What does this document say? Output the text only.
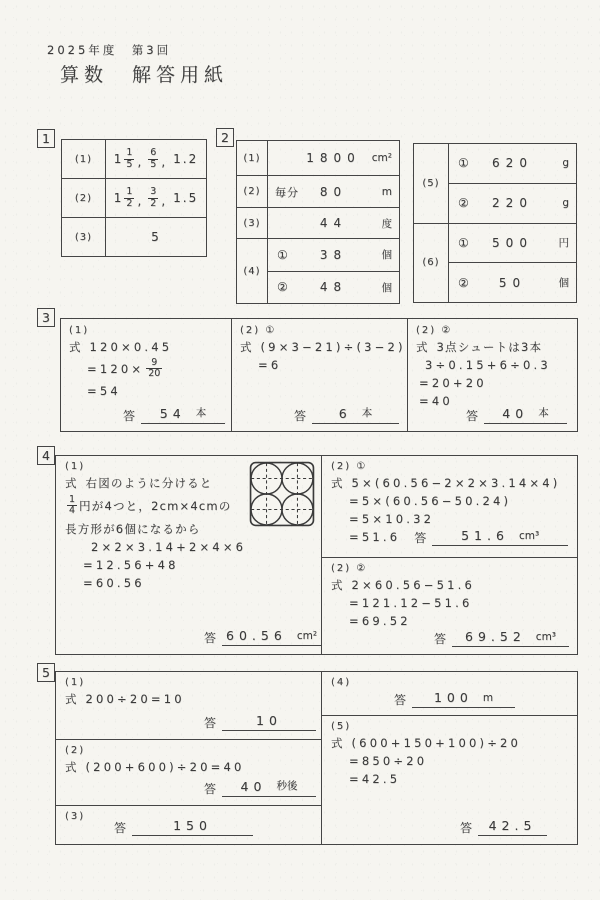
2025年度　第3回
算数　解答用紙
1
(1)	$1 \frac{1}{5}$ , $\frac{6}{5}$ , 1.2
(2)	$1 \frac{1}{2}$ , $\frac{3}{2}$ , 1.5
(3)	5
2
(1)	1800 cm²
(2)	毎分 80	m
(3)	44	度
(4)
①	38	個
②	48	個
(5)
① 620	g
② 220	g
(6)
① 500 円
②	50	個
3
(1)
式 120×0.45
$=120\times \frac{9}{20}$
=54
答 54 本
(2) ①
式 (9×3−21)÷(3−2)
=6
答	6 本
(2) ②
式 3点シュートは3本
3÷0.15+6÷0.3
=20+20
=40
答 40 本
4
(1)
式 右図のように分けると
$\frac{1}{4}$ 円が4つと，2cm×4cmの
長方形が6個になるから
2×2×3.14+2×4×6
=12.56+48
=60.56
答 60.56 cm²
(2) ①
式 5×(60.56−2×2×3.14×4)
=5×(60.56−50.24)
=5×10.32
=51.6 答	51.6 cm³
(2) ②
式 2×60.56−51.6
=121.12−51.6
=69.52
答 69.52 cm³
5
(1)
式 200÷20=10
答	10
(2)
式 (200+600)÷20=40
答 40 秒後
(3)
答	150
(4)
答 100 m
(5)
式 (600+150+100)÷20
=850÷20
=42.5
答 42.5
